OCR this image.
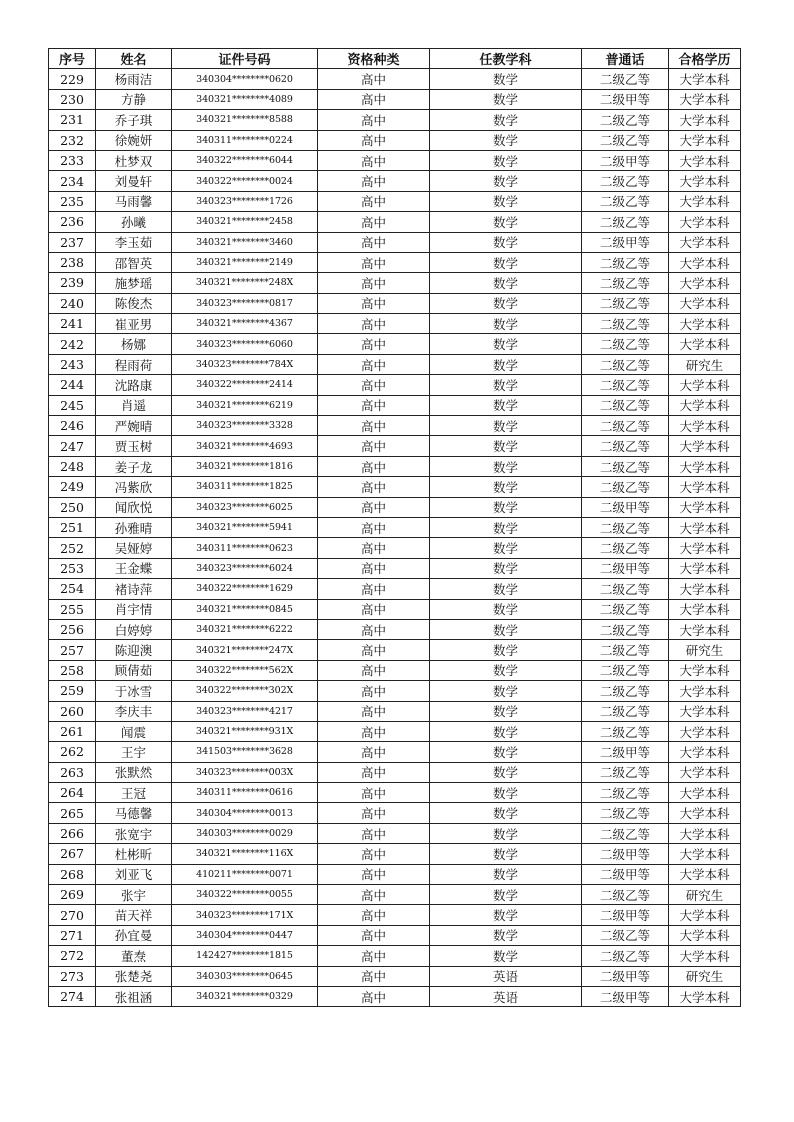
序号	姓名	证件号码	资格种类	任教学科	普通话	合格学历
229	杨雨洁	340304********0620	高中	数学	二级乙等	大学本科
230	方静	340321********4089	高中	数学	二级甲等	大学本科
231	乔子琪	340321********8588	高中	数学	二级乙等	大学本科
232	徐婉妍	340311********0224	高中	数学	二级乙等	大学本科
233	杜梦双	340322********6044	高中	数学	二级甲等	大学本科
234	刘曼轩	340322********0024	高中	数学	二级乙等	大学本科
235	马雨馨	340323********1726	高中	数学	二级乙等	大学本科
236	孙曦	340321********2458	高中	数学	二级乙等	大学本科
237	李玉茹	340321********3460	高中	数学	二级甲等	大学本科
238	邵智英	340321********2149	高中	数学	二级乙等	大学本科
239	施梦瑶	340321********248X	高中	数学	二级乙等	大学本科
240	陈俊杰	340323********0817	高中	数学	二级乙等	大学本科
241	崔亚男	340321********4367	高中	数学	二级乙等	大学本科
242	杨娜	340323********6060	高中	数学	二级乙等	大学本科
243	程雨荷	340323********784X	高中	数学	二级乙等	研究生
244	沈路康	340322********2414	高中	数学	二级乙等	大学本科
245	肖遥	340321********6219	高中	数学	二级乙等	大学本科
246	严婉晴	340323********3328	高中	数学	二级乙等	大学本科
247	贾玉树	340321********4693	高中	数学	二级乙等	大学本科
248	姜子龙	340321********1816	高中	数学	二级乙等	大学本科
249	冯紫欣	340311********1825	高中	数学	二级乙等	大学本科
250	闻欣悦	340323********6025	高中	数学	二级甲等	大学本科
251	孙雅晴	340321********5941	高中	数学	二级乙等	大学本科
252	吴娅婷	340311********0623	高中	数学	二级乙等	大学本科
253	王金蝶	340323********6024	高中	数学	二级甲等	大学本科
254	褚诗萍	340322********1629	高中	数学	二级乙等	大学本科
255	肖宇情	340321********0845	高中	数学	二级乙等	大学本科
256	白婷婷	340321********6222	高中	数学	二级乙等	大学本科
257	陈迎澳	340321********247X	高中	数学	二级乙等	研究生
258	顾倩茹	340322********562X	高中	数学	二级乙等	大学本科
259	于冰雪	340322********302X	高中	数学	二级乙等	大学本科
260	李庆丰	340323********4217	高中	数学	二级乙等	大学本科
261	闻震	340321********931X	高中	数学	二级乙等	大学本科
262	王宇	341503********3628	高中	数学	二级甲等	大学本科
263	张默然	340323********003X	高中	数学	二级乙等	大学本科
264	王冠	340311********0616	高中	数学	二级乙等	大学本科
265	马德馨	340304********0013	高中	数学	二级乙等	大学本科
266	张宽宇	340303********0029	高中	数学	二级乙等	大学本科
267	杜彬昕	340321********116X	高中	数学	二级甲等	大学本科
268	刘亚飞	410211********0071	高中	数学	二级甲等	大学本科
269	张宇	340322********0055	高中	数学	二级乙等	研究生
270	苗天祥	340323********171X	高中	数学	二级甲等	大学本科
271	孙宜曼	340304********0447	高中	数学	二级乙等	大学本科
272	董焘	142427********1815	高中	数学	二级乙等	大学本科
273	张楚尧	340303********0645	高中	英语	二级甲等	研究生
274	张祖涵	340321********0329	高中	英语	二级甲等	大学本科
